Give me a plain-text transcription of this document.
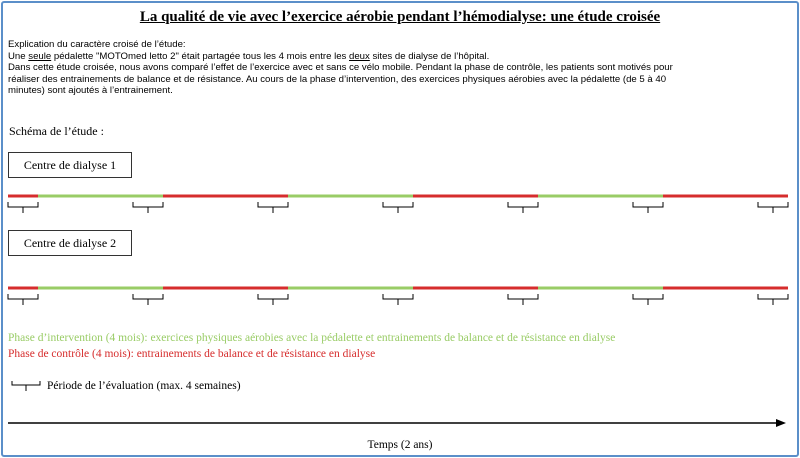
La qualité de vie avec l’exercice aérobie pendant l’hémodialyse: une étude croisée
Explication du caractère croisé de l’étude:
Une seule pédalette "MOTOmed letto 2" était partagée tous les 4 mois entre les deux sites de dialyse de l’hôpital.
Dans cette étude croisée, nous avons comparé l’effet de l’exercice avec et sans ce vélo mobile. Pendant la phase de contrôle, les patients sont motivés pour
réaliser des entrainements de balance et de résistance. Au cours de la phase d’intervention, des exercices physiques aérobies avec la pédalette (de 5 à 40
minutes) sont ajoutés à l’entrainement.
Schéma de l’étude :
Centre de dialyse 1
Centre de dialyse 2
Phase d’intervention (4 mois): exercices physiques aérobies avec la pédalette et entrainements de balance et de résistance en dialyse
Phase de contrôle (4 mois): entrainements de balance et de résistance en dialyse
Période de l’évaluation (max. 4 semaines)
Temps (2 ans)
